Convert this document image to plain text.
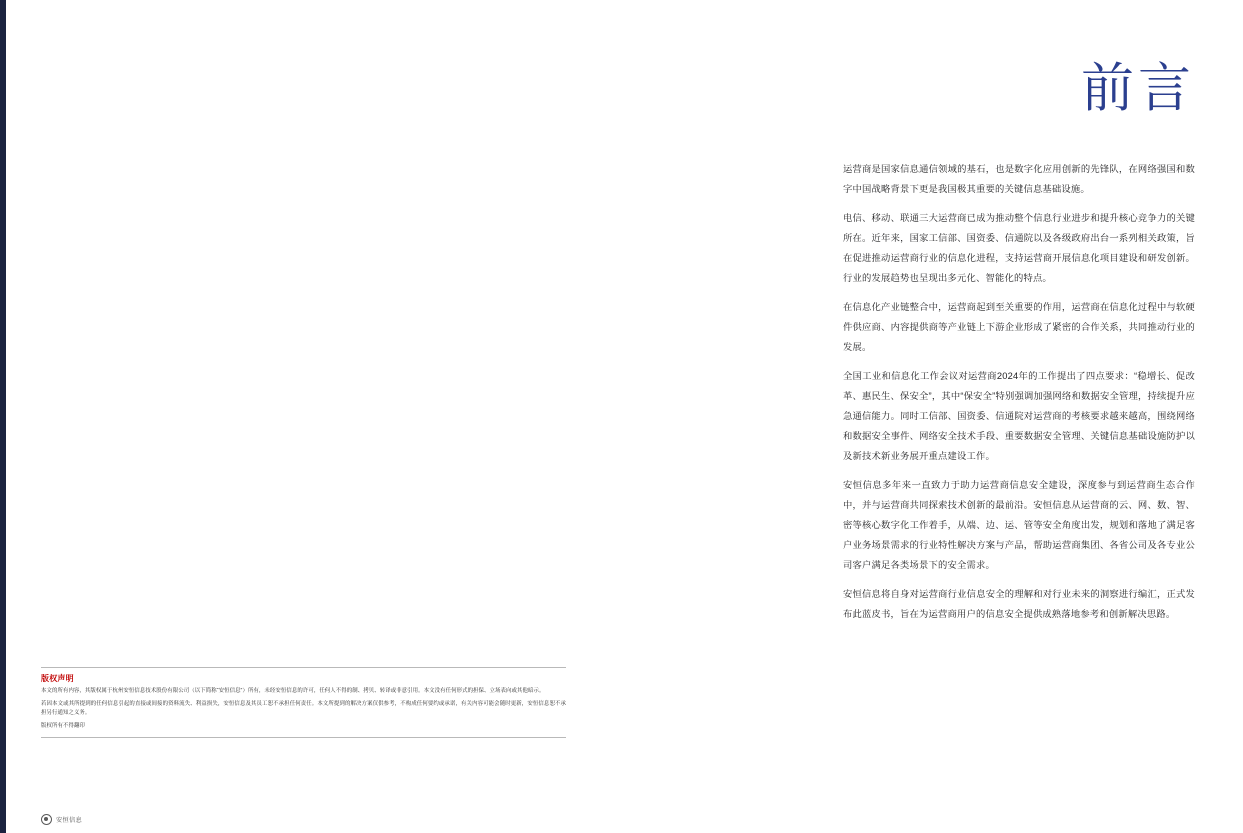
版权声明

本文的所有内容，其版权属于杭州安恒信息技术股份有限公司（以下简称“安恒信息”）所有，未经安恒信息的许可，任何人不得的制、拷贝、转译或非意引用。本文没有任何形式的担保、立场表向或其他暗示。

若因本文或其所提到的任何信息引起的直接或间接的资料流失、利益损失，安恒信息及其员工恕不承担任何责任。本文所提到的解决方案仅供参考，不构成任何要约或承诺，有关内容可能会随时更新，安恒信息恕不承担另行通知之义务。

版权所有不得翻印

安恒信息
前言

运营商是国家信息通信领域的基石，也是数字化应用创新的先锋队，在网络强国和数字中国战略背景下更是我国极其重要的关键信息基础设施。

电信、移动、联通三大运营商已成为推动整个信息行业进步和提升核心竞争力的关键所在。近年来，国家工信部、国资委、信通院以及各级政府出台一系列相关政策，旨在促进推动运营商行业的信息化进程，支持运营商开展信息化项目建设和研发创新。行业的发展趋势也呈现出多元化、智能化的特点。

在信息化产业链整合中，运营商起到至关重要的作用，运营商在信息化过程中与软硬件供应商、内容提供商等产业链上下游企业形成了紧密的合作关系，共同推动行业的发展。

全国工业和信息化工作会议对运营商2024年的工作提出了四点要求：“稳增长、促改革、惠民生、保安全”，其中“保安全”特别强调加强网络和数据安全管理，持续提升应急通信能力。同时工信部、国资委、信通院对运营商的考核要求越来越高，围绕网络和数据安全事件、网络安全技术手段、重要数据安全管理、关键信息基础设施防护以及新技术新业务展开重点建设工作。

安恒信息多年来一直致力于助力运营商信息安全建设，深度参与到运营商生态合作中，并与运营商共同探索技术创新的最前沿。安恒信息从运营商的云、网、数、智、密等核心数字化工作着手，从端、边、运、管等安全角度出发，规划和落地了满足客户业务场景需求的行业特性解决方案与产品，帮助运营商集团、各省公司及各专业公司客户满足各类场景下的安全需求。

安恒信息将自身对运营商行业信息安全的理解和对行业未来的洞察进行编汇，正式发布此蓝皮书，旨在为运营商用户的信息安全提供成熟落地参考和创新解决思路。
